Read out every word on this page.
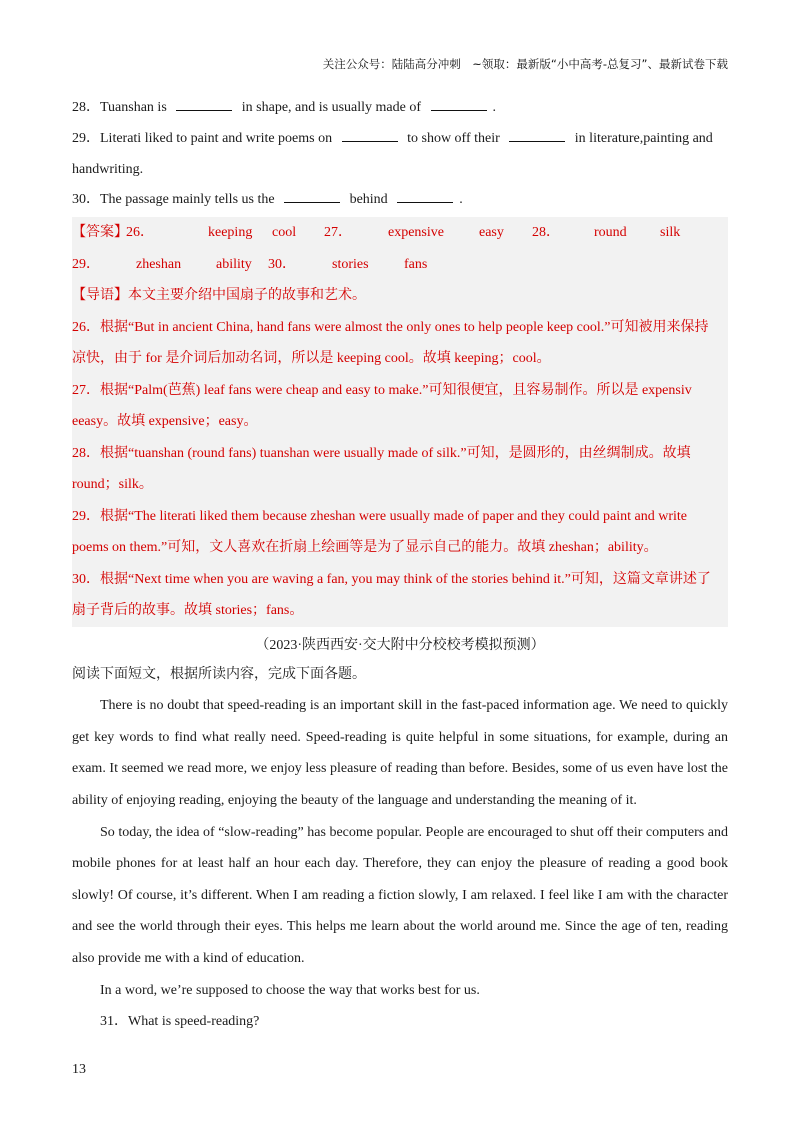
关注公众号：陆陆高分冲刺　~领取：最新版“小中高考-总复习”、最新试卷下载

28．Tuanshan is	in shape, and is usually made of	.

29．Literati liked to paint and write poems on	to show off their	in literature,painting and

handwriting.

30．The passage mainly tells us the	behind	.

【答案】
26．	keeping	cool	27．	expensive	easy	28．	round	silk
29．	zheshan	ability	30．	stories	fans

【导语】本文主要介绍中国扇子的故事和艺术。

26．根据“But in ancient China, hand fans were almost the only ones to help people keep cool.”可知被用来保持

凉快，由于 for 是介词后加动名词，所以是 keeping cool。故填 keeping；cool。

27．根据“Palm(芭蕉) leaf fans were cheap and easy to make.”可知很便宜，且容易制作。所以是 expensiv

eeasy。故填 expensive；easy。

28．根据“tuanshan (round fans) tuanshan were usually made of silk.”可知，是圆形的，由丝绸制成。故填

round；silk。

29．根据“The literati liked them because zheshan were usually made of paper and they could paint and write

poems on them.”可知，文人喜欢在折扇上绘画等是为了显示自己的能力。故填 zheshan；ability。

30．根据“Next time when you are waving a fan, you may think of the stories behind it.”可知，这篇文章讲述了

扇子背后的故事。故填 stories；fans。

（2023·陕西西安·交大附中分校校考模拟预测）

阅读下面短文，根据所读内容，完成下面各题。

There is no doubt that speed-reading is an important skill in the fast-paced information age. We need to quickly get key words to find what really need. Speed-reading is quite helpful in some situations, for example, during an exam. It seemed we read more, we enjoy less pleasure of reading than before. Besides, some of us even have lost the ability of enjoying reading, enjoying the beauty of the language and understanding the meaning of it.

So today, the idea of “slow-reading” has become popular. People are encouraged to shut off their computers and mobile phones for at least half an hour each day. Therefore, they can enjoy the pleasure of reading a good book slowly! Of course, it’s different. When I am reading a fiction slowly, I am relaxed. I feel like I am with the character and see the world through their eyes. This helps me learn about the world around me. Since the age of ten, reading also provide me with a kind of education.

In a word, we’re supposed to choose the way that works best for us.

31．What is speed-reading?

13
